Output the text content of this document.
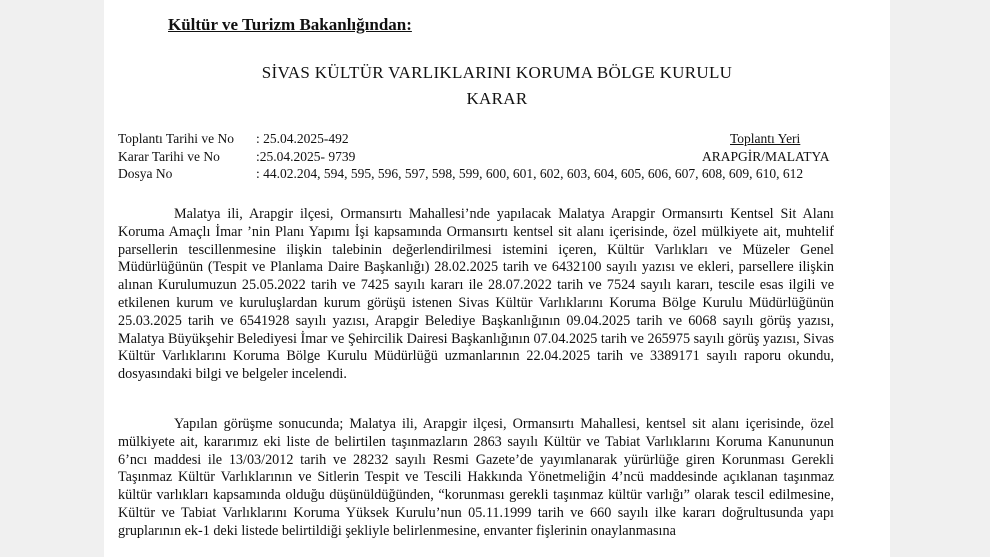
Kültür ve Turizm Bakanlığından:
SİVAS KÜLTÜR VARLIKLARINI KORUMA BÖLGE KURULU
KARAR
Toplantı Tarihi ve No : 25.04.2025-492
Karar Tarihi ve No	:25.04.2025- 9739
Dosya No	: 44.02.204, 594, 595, 596, 597, 598, 599, 600, 601, 602, 603, 604, 605, 606, 607, 608, 609, 610, 612
Toplantı Yeri
ARAPGİR/MALATYA
Malatya ili, Arapgir ilçesi, Ormansırtı Mahallesi’nde yapılacak Malatya Arapgir Ormansırtı Kentsel Sit Alanı Koruma Amaçlı İmar ’nin Planı Yapımı İşi kapsamında Ormansırtı kentsel sit alanı içerisinde, özel mülkiyete ait, muhtelif parsellerin tescillenmesine ilişkin talebinin değerlendirilmesi istemini içeren, Kültür Varlıkları ve Müzeler Genel Müdürlüğünün (Tespit ve Planlama Daire Başkanlığı) 28.02.2025 tarih ve 6432100 sayılı yazısı ve ekleri, parsellere ilişkin alınan Kurulumuzun 25.05.2022 tarih ve 7425 sayılı kararı ile 28.07.2022 tarih ve 7524 sayılı kararı, tescile esas ilgili ve etkilenen kurum ve kuruluşlardan kurum görüşü istenen Sivas Kültür Varlıklarını Koruma Bölge Kurulu Müdürlüğünün 25.03.2025 tarih ve 6541928 sayılı yazısı, Arapgir Belediye Başkanlığının 09.04.2025 tarih ve 6068 sayılı görüş yazısı, Malatya Büyükşehir Belediyesi İmar ve Şehircilik Dairesi Başkanlığının 07.04.2025 tarih ve 265975 sayılı görüş yazısı, Sivas Kültür Varlıklarını Koruma Bölge Kurulu Müdürlüğü uzmanlarının 22.04.2025 tarih ve 3389171 sayılı raporu okundu, dosyasındaki bilgi ve belgeler incelendi.
Yapılan görüşme sonucunda; Malatya ili, Arapgir ilçesi, Ormansırtı Mahallesi, kentsel sit alanı içerisinde, özel mülkiyete ait, kararımız eki liste de belirtilen taşınmazların 2863 sayılı Kültür ve Tabiat Varlıklarını Koruma Kanununun 6’ncı maddesi ile 13/03/2012 tarih ve 28232 sayılı Resmi Gazete’de yayımlanarak yürürlüğe giren Korunması Gerekli Taşınmaz Kültür Varlıklarının ve Sitlerin Tespit ve Tescili Hakkında Yönetmeliğin 4’ncü maddesinde açıklanan taşınmaz kültür varlıkları kapsamında olduğu düşünüldüğünden, “korunması gerekli taşınmaz kültür varlığı” olarak tescil edilmesine, Kültür ve Tabiat Varlıklarını Koruma Yüksek Kurulu’nun 05.11.1999 tarih ve 660 sayılı ilke kararı doğrultusunda yapı gruplarının ek-1 deki listede belirtildiği şekliyle belirlenmesine, envanter fişlerinin onaylanmasına
